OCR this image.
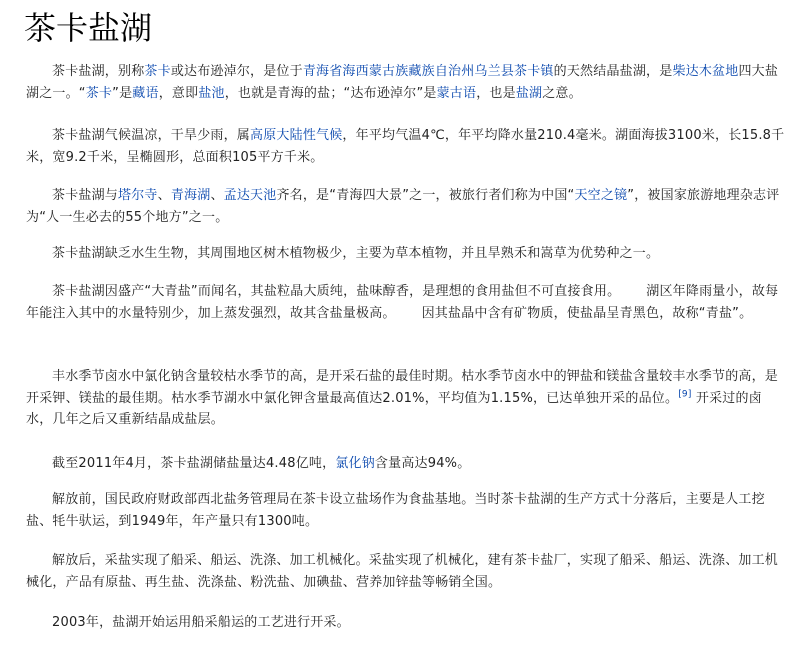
茶卡盐湖

茶卡盐湖，别称茶卡或达布逊淖尔，是位于青海省海西蒙古族藏族自治州乌兰县茶卡镇的天然结晶盐湖，是柴达木盆地四大盐湖之一。“茶卡”是藏语，意即盐池，也就是青海的盐；“达布逊淖尔”是蒙古语，也是盐湖之意。

茶卡盐湖气候温凉，干旱少雨，属高原大陆性气候，年平均气温4℃，年平均降水量210.4毫米。湖面海拔3100米，长15.8千米，宽9.2千米，呈椭圆形，总面积105平方千米。

茶卡盐湖与塔尔寺、青海湖、孟达天池齐名，是“青海四大景”之一，被旅行者们称为中国“天空之镜”，被国家旅游地理杂志评为“人一生必去的55个地方”之一。

茶卡盐湖缺乏水生生物，其周围地区树木植物极少，主要为草本植物，并且旱熟禾和嵩草为优势种之一。

茶卡盐湖因盛产“大青盐”而闻名，其盐粒晶大质纯，盐味醇香，是理想的食用盐但不可直接食用。 湖区年降雨量小，故每年能注入其中的水量特别少，加上蒸发强烈，故其含盐量极高。 因其盐晶中含有矿物质，使盐晶呈青黑色，故称“青盐”。

丰水季节卤水中氯化钠含量较枯水季节的高，是开采石盐的最佳时期。枯水季节卤水中的钾盐和镁盐含量较丰水季节的高，是开采钾、镁盐的最佳期。枯水季节湖水中氯化钾含量最高值达2.01%，平均值为1.15%，已达单独开采的品位。[9] 开采过的卤水，几年之后又重新结晶成盐层。

截至2011年4月，茶卡盐湖储盐量达4.48亿吨，氯化钠含量高达94%。

解放前，国民政府财政部西北盐务管理局在茶卡设立盐场作为食盐基地。当时茶卡盐湖的生产方式十分落后，主要是人工挖盐、牦牛驮运，到1949年，年产量只有1300吨。

解放后，采盐实现了船采、船运、洗涤、加工机械化。采盐实现了机械化，建有茶卡盐厂，实现了船采、船运、洗涤、加工机械化，产品有原盐、再生盐、洗涤盐、粉洗盐、加碘盐、营养加锌盐等畅销全国。

2003年，盐湖开始运用船采船运的工艺进行开采。
